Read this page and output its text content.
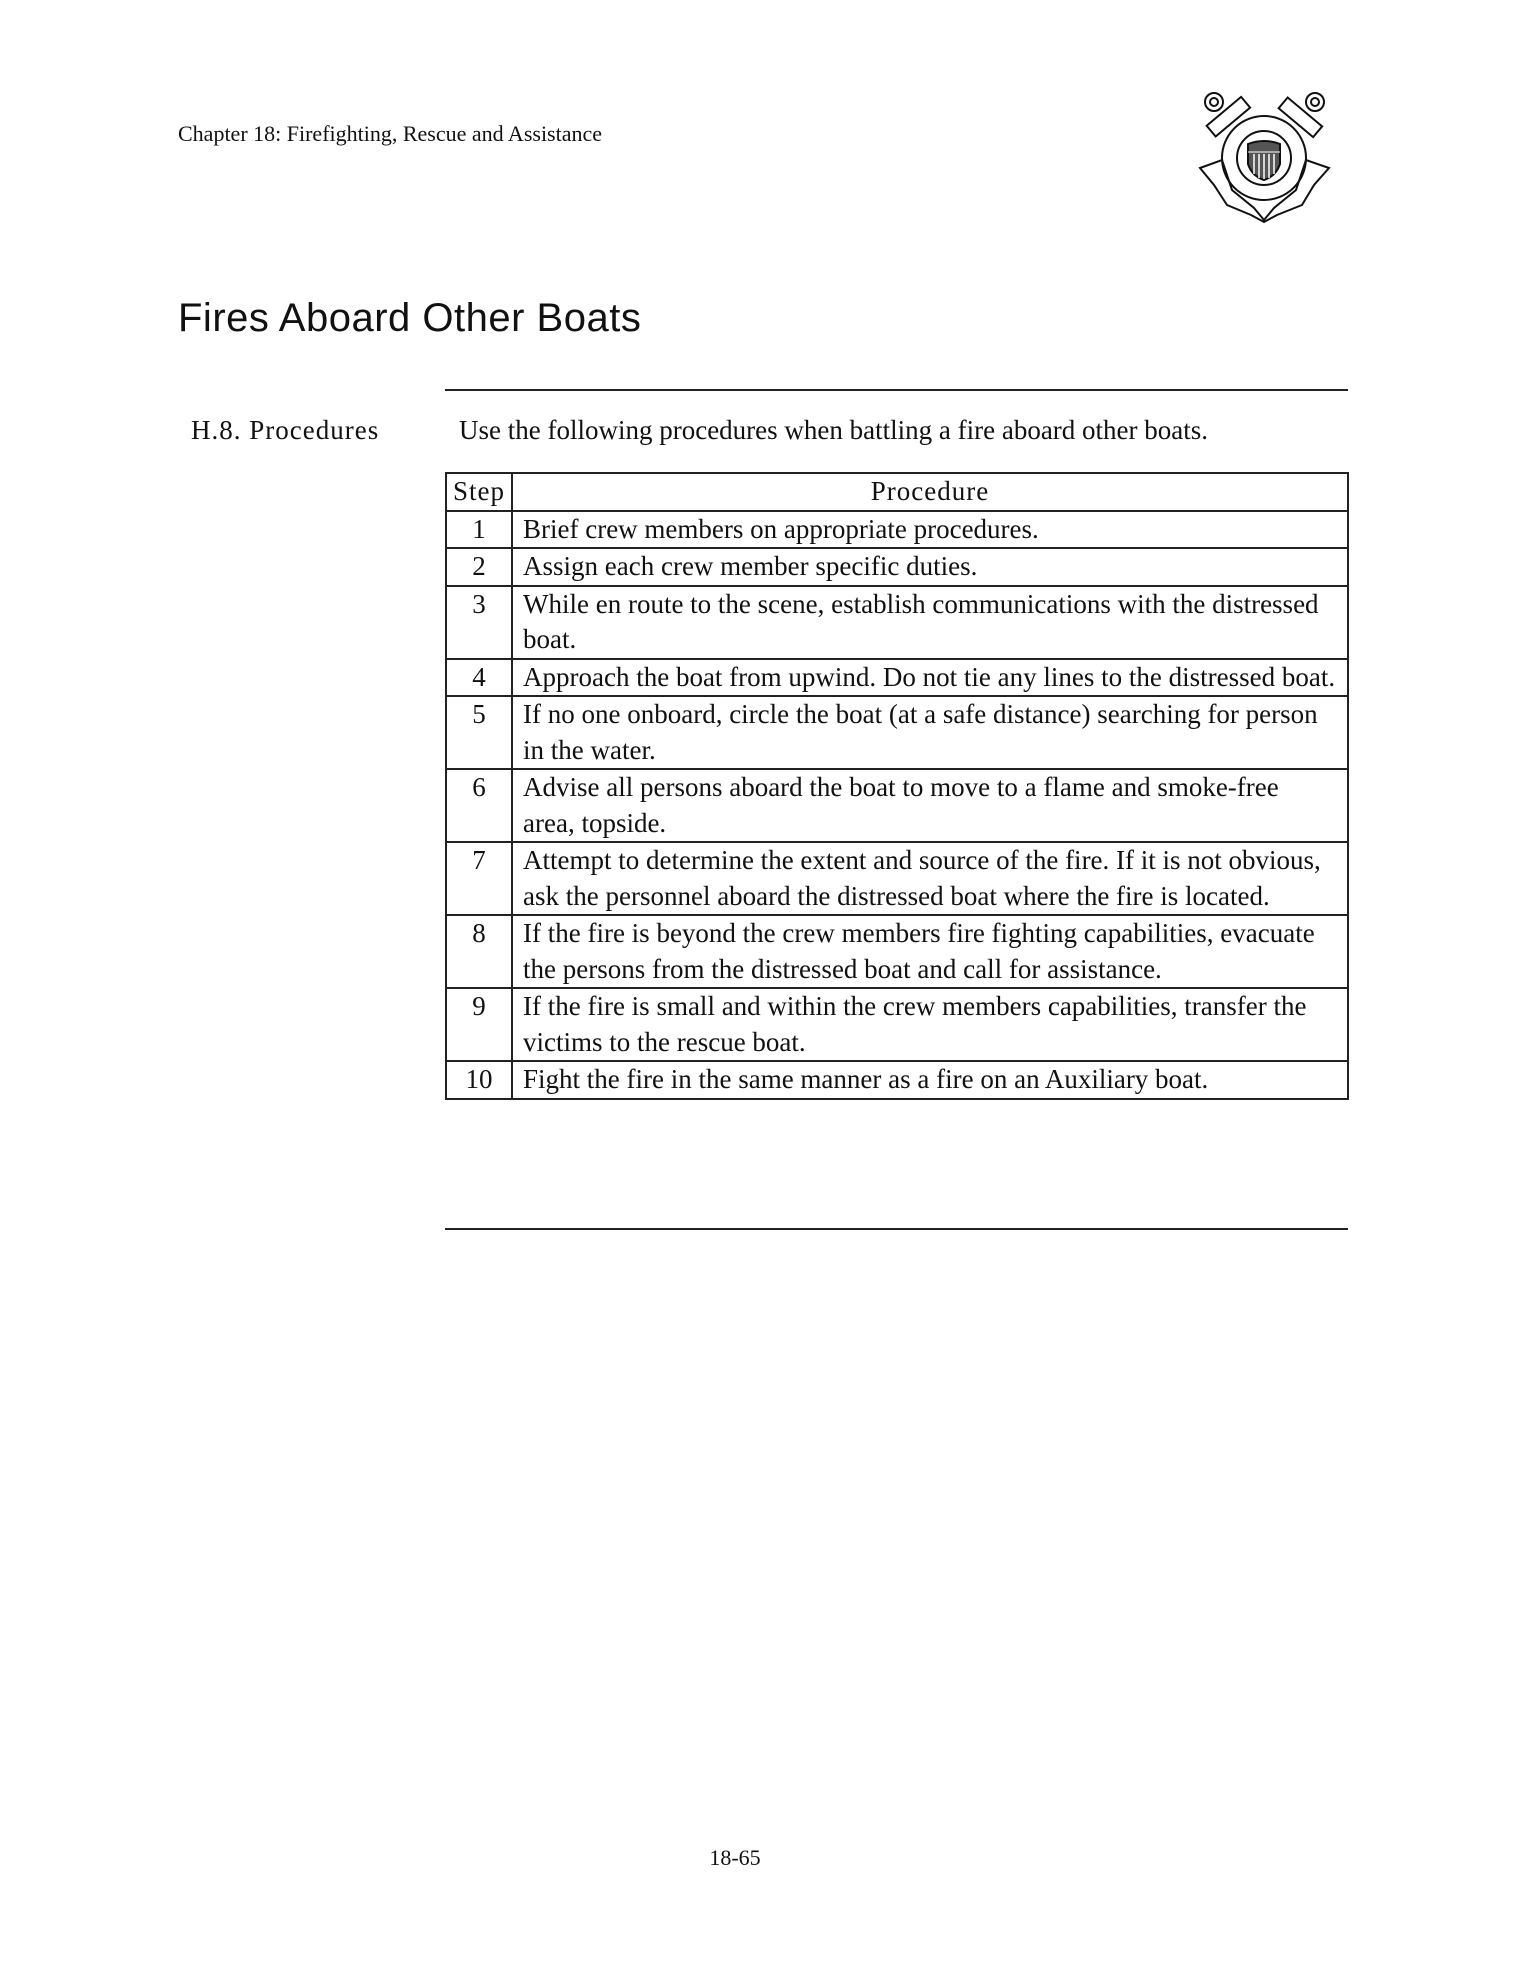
Chapter 18: Firefighting, Rescue and Assistance
Fires Aboard Other Boats
H.8. Procedures	Use the following procedures when battling a fire aboard other boats.
Step	Procedure
1	Brief crew members on appropriate procedures.
2	Assign each crew member specific duties.
3	While en route to the scene, establish communications with the distressed boat.
4	Approach the boat from upwind. Do not tie any lines to the distressed boat.
5	If no one onboard, circle the boat (at a safe distance) searching for person in the water.
6	Advise all persons aboard the boat to move to a flame and smoke-free area, topside.
7	Attempt to determine the extent and source of the fire. If it is not obvious, ask the personnel aboard the distressed boat where the fire is located.
8	If the fire is beyond the crew members fire fighting capabilities, evacuate the persons from the distressed boat and call for assistance.
9	If the fire is small and within the crew members capabilities, transfer the victims to the rescue boat.
10	Fight the fire in the same manner as a fire on an Auxiliary boat.
18-65
